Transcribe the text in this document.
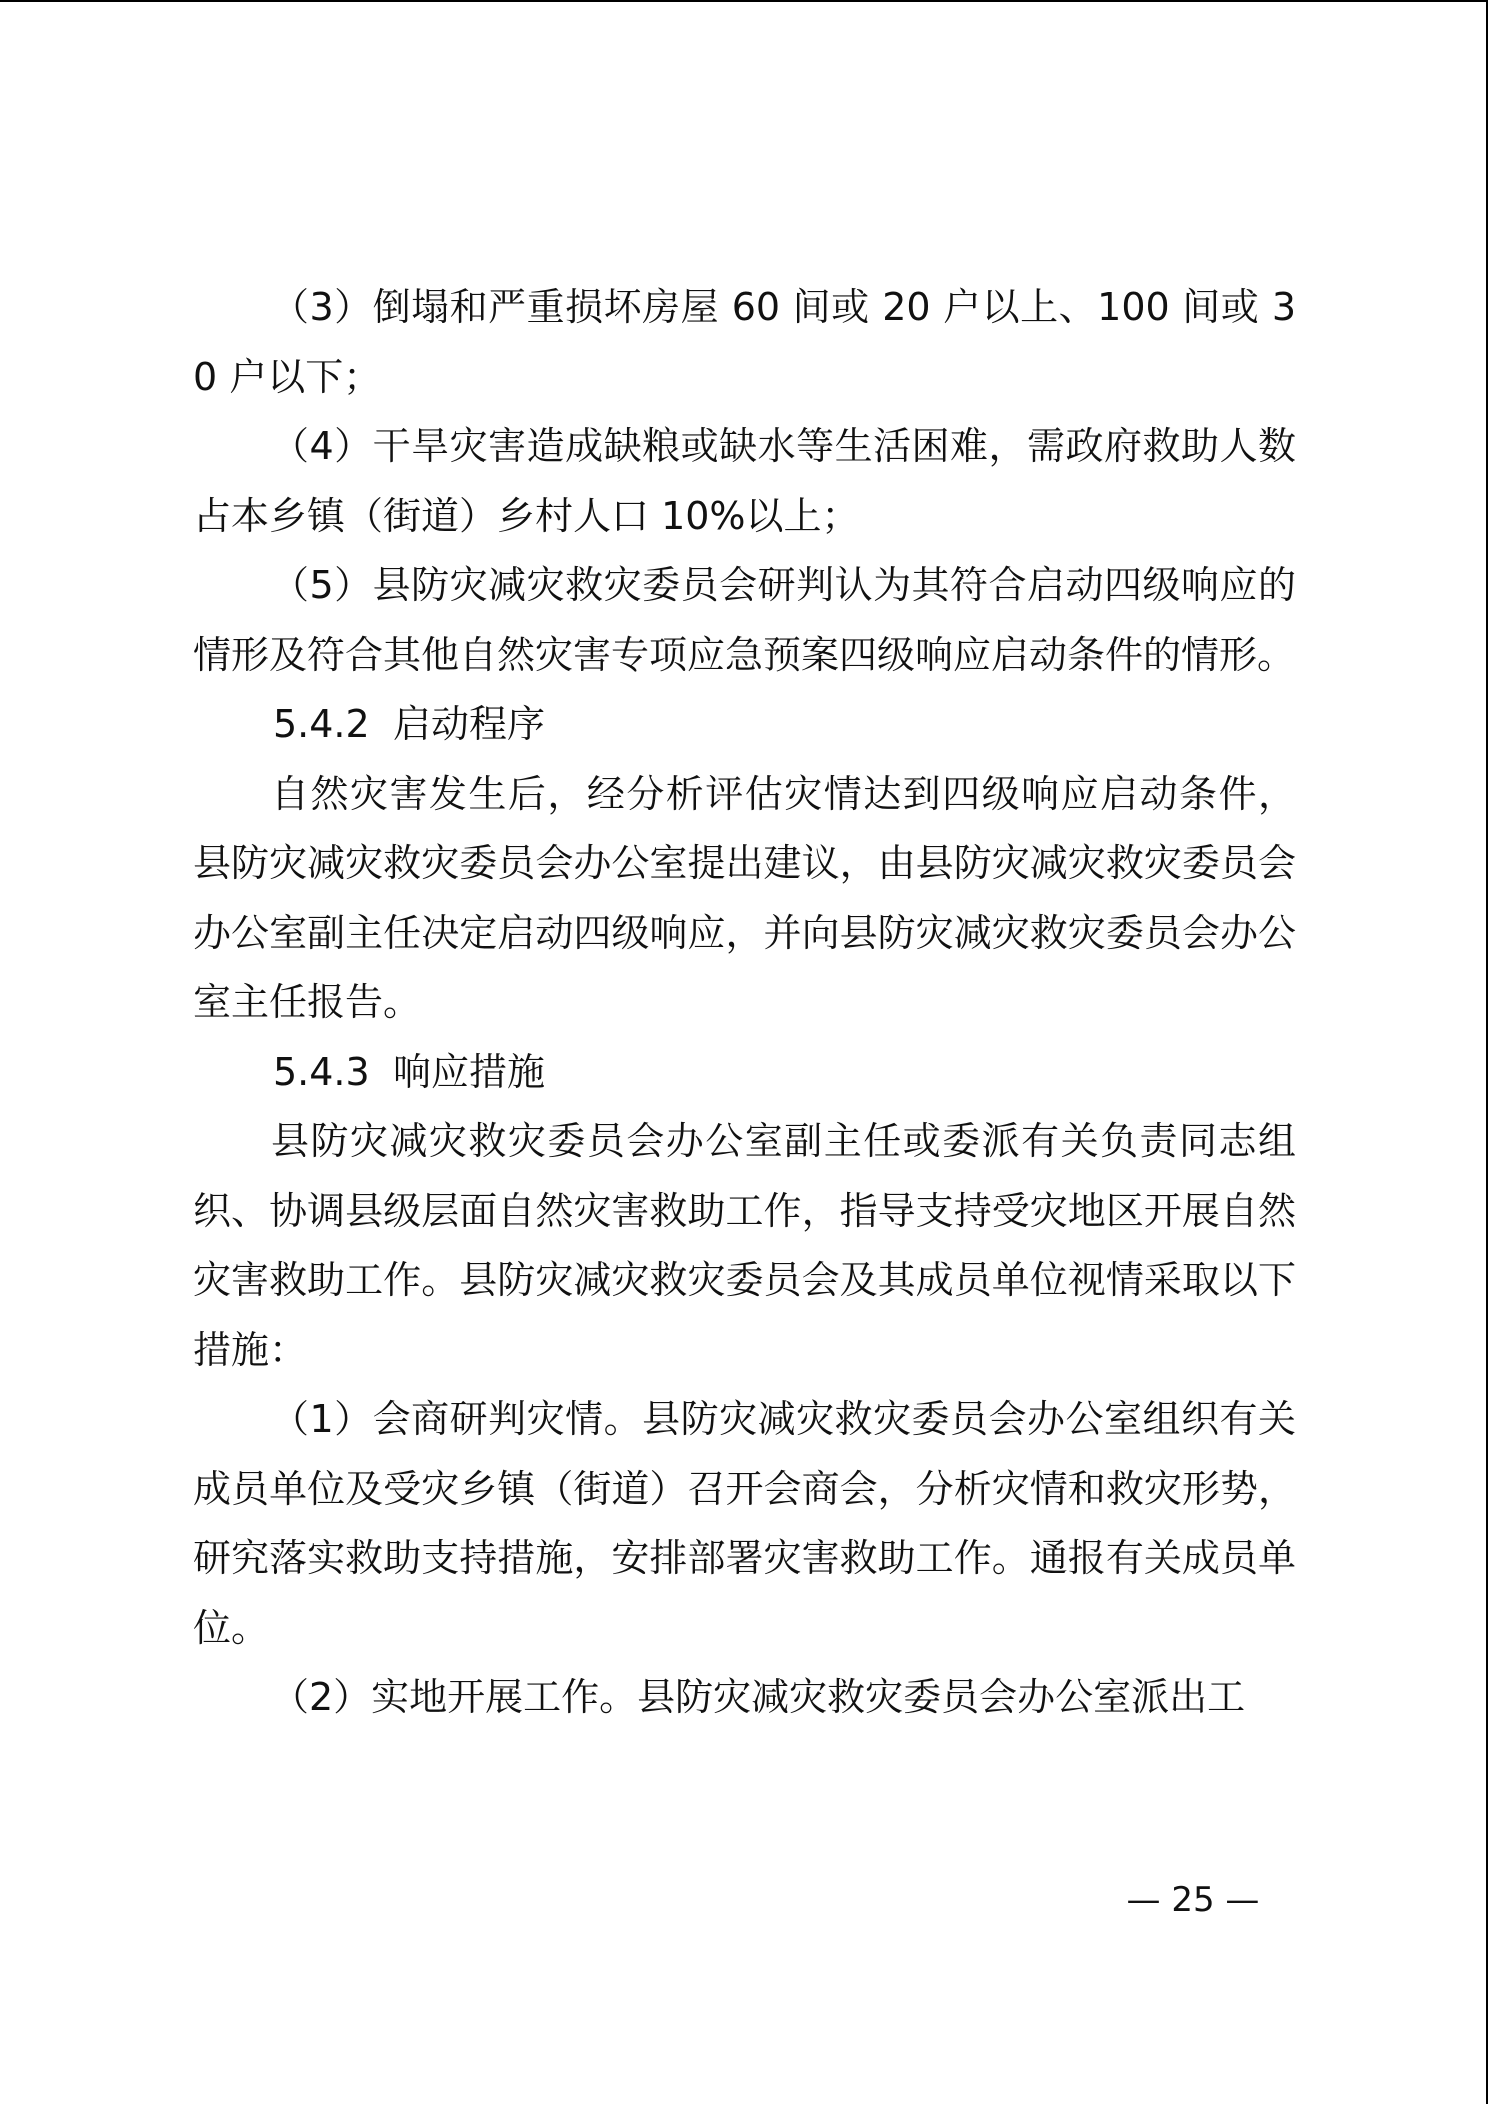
（3）倒塌和严重损坏房屋 60 间或 20 户以上、100 间或 30 户以下；

（4）干旱灾害造成缺粮或缺水等生活困难，需政府救助人数占本乡镇（街道）乡村人口 10%以上；

（5）县防灾减灾救灾委员会研判认为其符合启动四级响应的情形及符合其他自然灾害专项应急预案四级响应启动条件的情形。

5.4.2 启动程序

自然灾害发生后，经分析评估灾情达到四级响应启动条件，县防灾减灾救灾委员会办公室提出建议，由县防灾减灾救灾委员会办公室副主任决定启动四级响应，并向县防灾减灾救灾委员会办公室主任报告。

5.4.3 响应措施

县防灾减灾救灾委员会办公室副主任或委派有关负责同志组织、协调县级层面自然灾害救助工作，指导支持受灾地区开展自然灾害救助工作。县防灾减灾救灾委员会及其成员单位视情采取以下措施：

（1）会商研判灾情。县防灾减灾救灾委员会办公室组织有关成员单位及受灾乡镇（街道）召开会商会，分析灾情和救灾形势，研究落实救助支持措施，安排部署灾害救助工作。通报有关成员单位。

（2）实地开展工作。县防灾减灾救灾委员会办公室派出工

— 25 —
